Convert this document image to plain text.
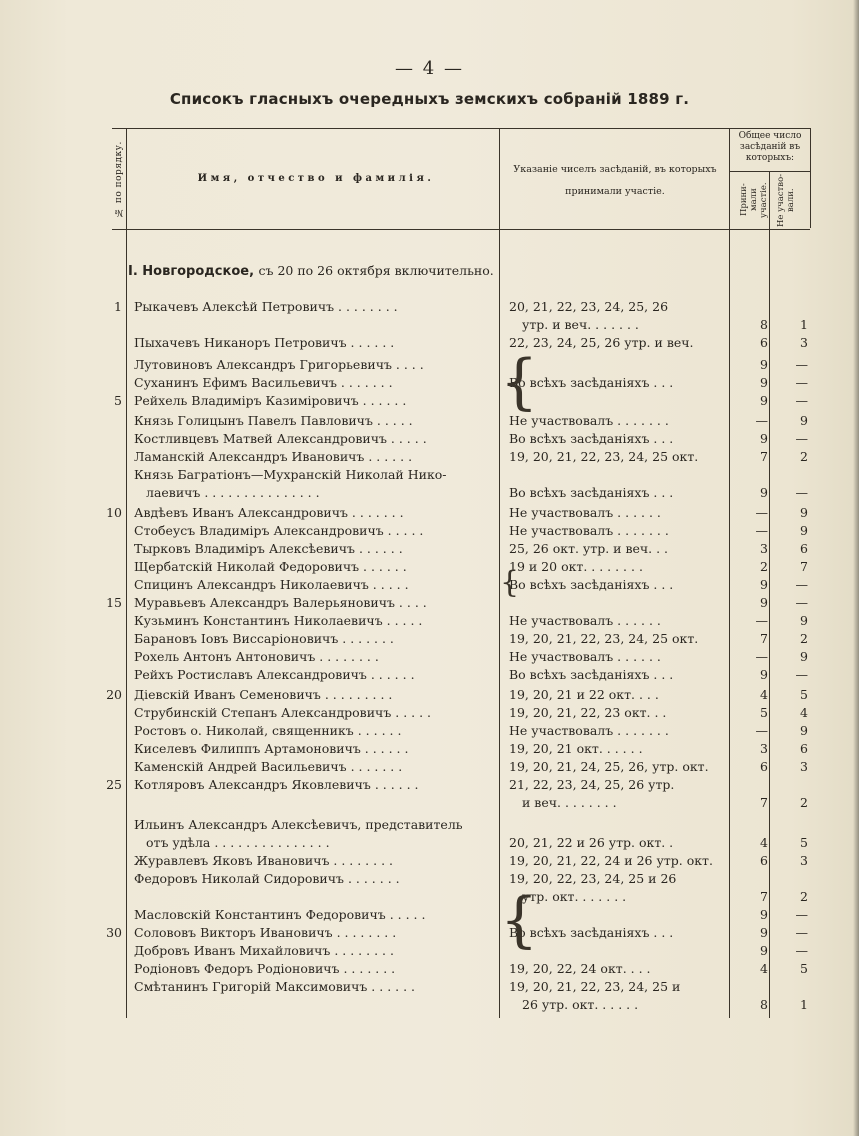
— 4 —
Списокъ гласныхъ очередныхъ земскихъ собраній 1889 г.
№ по порядку.	Имя, отчество и фамилія.
Указаніе чиселъ засѣданій, въ которыхъ
принимали участіе.
Общее число засѣданій въ которыхъ:
Прини- мали участіе. Не участво- вали.
I. Новгородское, съ 20 по 26 октября включительно.
1 Рыкачевъ Алексѣй Петровичъ . . . . . . . .	20, 21, 22, 23, 24, 25, 26
утр. и веч. . . . . . .	8	1
Пыхачевъ Никаноръ Петровичъ . . . . . .	22, 23, 24, 25, 26 утр. и веч.	6	3
Лутовиновъ Александръ Григорьевичъ . . . .	9	—
Суханинъ Ефимъ Васильевичъ . . . . . . .	Во всѣхъ засѣданіяхъ . . .	9	—
5 Рейхель Владиміръ Казиміровичъ . . . . . .	9	—
Князь Голицынъ Павелъ Павловичъ . . . . .	Не участвовалъ . . . . . . .	—	9
Костливцевъ Матвей Александровичъ . . . . .	Во всѣхъ засѣданіяхъ . . .	9	—
Ламанскій Александръ Ивановичъ . . . . . .	19, 20, 21, 22, 23, 24, 25 окт.	7	2
Князь Багратіонъ—Мухранскій Николай Нико-
лаевичъ . . . . . . . . . . . . . . .	Во всѣхъ засѣданіяхъ . . .	9	—
10 Авдѣевъ Иванъ Александровичъ . . . . . . .	Не участвовалъ . . . . . .	—	9
Стобеусъ Владиміръ Александровичъ . . . . .	Не участвовалъ . . . . . . .	—	9
Тырковъ Владиміръ Алексѣевичъ . . . . . .	25, 26 окт. утр. и веч. . .	3	6
Щербатскій Николай Федоровичъ . . . . . .	19 и 20 окт. . . . . . . .	2	7
Спицинъ Александръ Николаевичъ . . . . .	Во всѣхъ засѣданіяхъ . . .	9	—
15 Муравьевъ Александръ Валерьяновичъ . . . .	9	—
Кузьминъ Константинъ Николаевичъ . . . . .	Не участвовалъ . . . . . .	—	9
Барановъ Іовъ Виссаріоновичъ . . . . . . .	19, 20, 21, 22, 23, 24, 25 окт.	7	2
Рохель Антонъ Антоновичъ . . . . . . . .	Не участвовалъ . . . . . .	—	9
Рейхъ Ростиславъ Александровичъ . . . . . .	Во всѣхъ засѣданіяхъ . . .	9	—
20 Діевскій Иванъ Семеновичъ . . . . . . . . .	19, 20, 21 и 22 окт. . . .	4	5
Струбинскій Степанъ Александровичъ . . . . .	19, 20, 21, 22, 23 окт. . .	5	4
Ростовъ о. Николай, священникъ . . . . . .	Не участвовалъ . . . . . . .	—	9
Киселевъ Филиппъ Артамоновичъ . . . . . .	19, 20, 21 окт. . . . . .	3	6
Каменскій Андрей Васильевичъ . . . . . . .	19, 20, 21, 24, 25, 26, утр. окт.	6	3
25 Котляровъ Александръ Яковлевичъ . . . . . .	21, 22, 23, 24, 25, 26 утр.
и веч. . . . . . . .	7	2
Ильинъ Александръ Алексѣевичъ, представитель
отъ удѣла . . . . . . . . . . . . . . .	20, 21, 22 и 26 утр. окт. .	4	5
Журавлевъ Яковъ Ивановичъ . . . . . . . .	19, 20, 21, 22, 24 и 26 утр. окт.	6	3
Федоровъ Николай Сидоровичъ . . . . . . .	19, 20, 22, 23, 24, 25 и 26
утр. окт. . . . . . .	7	2
Масловскій Константинъ Федоровичъ . . . . .	9	—
30 Солововъ Викторъ Ивановичъ . . . . . . . .	Во всѣхъ засѣданіяхъ . . .	9	—
Добровъ Иванъ Михайловичъ . . . . . . . .	9	—
Родіоновъ Федоръ Родіоновичъ . . . . . . .	19, 20, 22, 24 окт. . . .	4	5
Смѣтанинъ Григорій Максимовичъ . . . . . .	19, 20, 21, 22, 23, 24, 25 и
26 утр. окт. . . . . .	8	1
{
{
{
